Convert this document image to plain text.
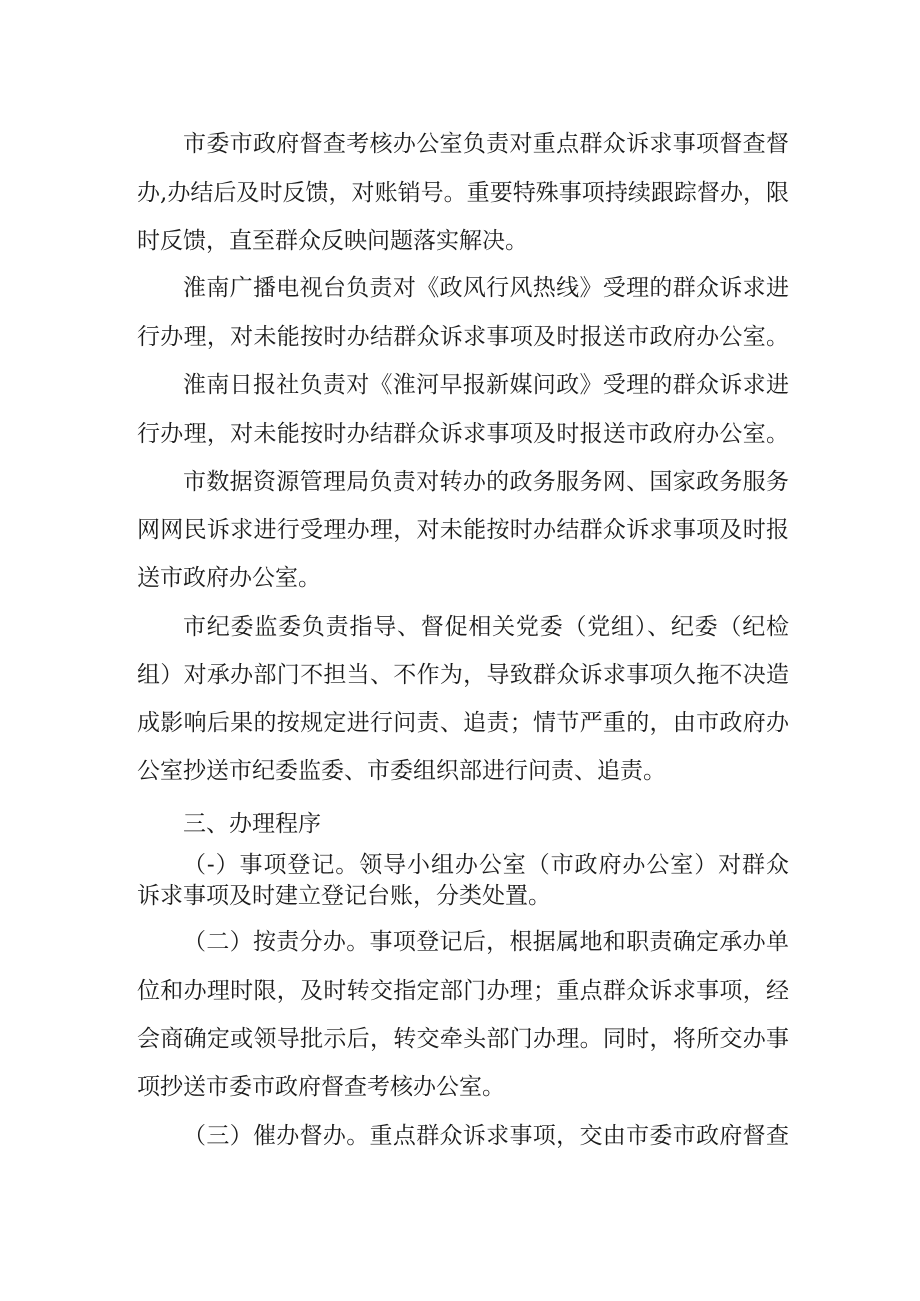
市委市政府督查考核办公室负责对重点群众诉求事项督查督

办,办结后及时反馈，对账销号。重要特殊事项持续跟踪督办，限

时反馈，直至群众反映问题落实解决。

淮南广播电视台负责对《政风行风热线》受理的群众诉求进

行办理，对未能按时办结群众诉求事项及时报送市政府办公室。

淮南日报社负责对《淮河早报新媒问政》受理的群众诉求进

行办理，对未能按时办结群众诉求事项及时报送市政府办公室。

市数据资源管理局负责对转办的政务服务网、国家政务服务

网网民诉求进行受理办理，对未能按时办结群众诉求事项及时报

送市政府办公室。

市纪委监委负责指导、督促相关党委（党组）、纪委（纪检

组）对承办部门不担当、不作为，导致群众诉求事项久拖不决造

成影响后果的按规定进行问责、追责；情节严重的，由市政府办

公室抄送市纪委监委、市委组织部进行问责、追责。

三、办理程序

（-）事项登记。领导小组办公室（市政府办公室）对群众

诉求事项及时建立登记台账，分类处置。

（二）按责分办。事项登记后，根据属地和职责确定承办单

位和办理时限，及时转交指定部门办理；重点群众诉求事项，经

会商确定或领导批示后，转交牵头部门办理。同时，将所交办事

项抄送市委市政府督查考核办公室。

（三）催办督办。重点群众诉求事项，交由市委市政府督查
